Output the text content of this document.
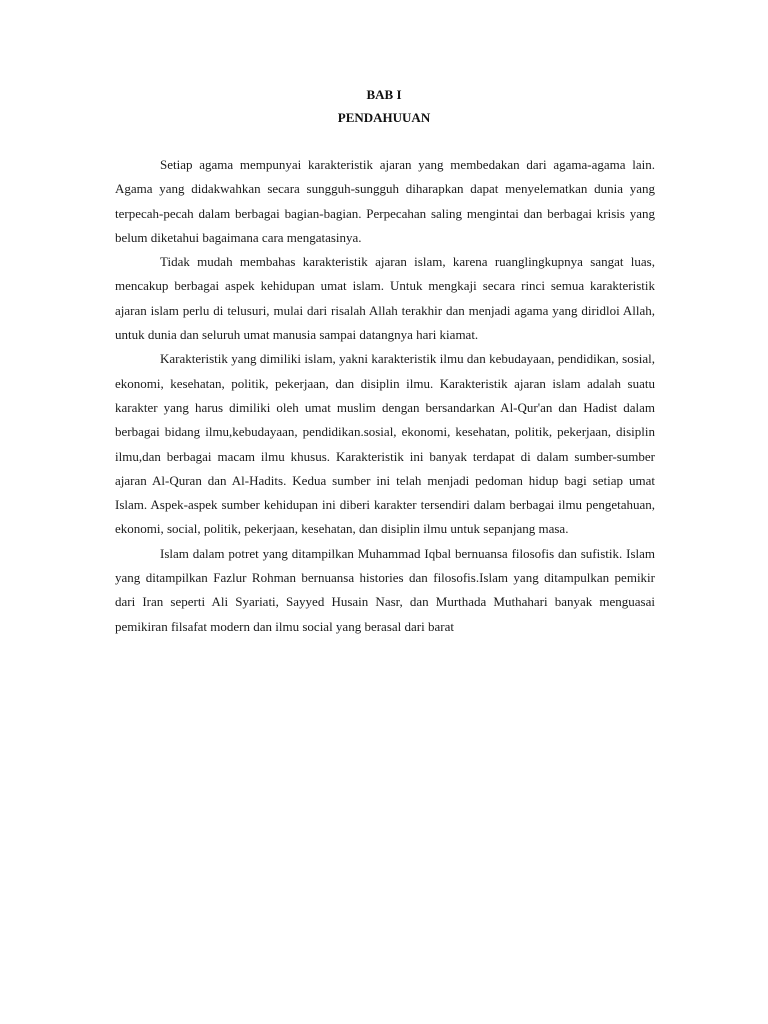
BAB I
PENDAHUUAN

Setiap agama mempunyai karakteristik ajaran yang membedakan dari agama-agama lain. Agama yang didakwahkan secara sungguh-sungguh diharapkan dapat menyelematkan dunia yang terpecah-pecah dalam berbagai bagian-bagian. Perpecahan saling mengintai dan berbagai krisis yang belum diketahui bagaimana cara mengatasinya.

Tidak mudah membahas karakteristik ajaran islam, karena ruanglingkupnya sangat luas, mencakup berbagai aspek kehidupan umat islam. Untuk mengkaji secara rinci semua karakteristik ajaran islam perlu di telusuri, mulai dari risalah Allah terakhir dan menjadi agama yang diridloi Allah, untuk dunia dan seluruh umat manusia sampai datangnya hari kiamat.

Karakteristik yang dimiliki islam, yakni karakteristik ilmu dan kebudayaan, pendidikan, sosial, ekonomi, kesehatan, politik, pekerjaan, dan disiplin ilmu. Karakteristik ajaran islam adalah suatu karakter yang harus dimiliki oleh umat muslim dengan bersandarkan Al-Qur'an dan Hadist dalam berbagai bidang ilmu,kebudayaan, pendidikan.sosial, ekonomi, kesehatan, politik, pekerjaan, disiplin ilmu,dan berbagai macam ilmu khusus. Karakteristik ini banyak terdapat di dalam sumber-sumber ajaran Al-Quran dan Al-Hadits. Kedua sumber ini telah menjadi pedoman hidup bagi setiap umat Islam. Aspek-aspek sumber kehidupan ini diberi karakter tersendiri dalam berbagai ilmu pengetahuan, ekonomi, social, politik, pekerjaan, kesehatan, dan disiplin ilmu untuk sepanjang masa.

Islam dalam potret yang ditampilkan Muhammad Iqbal bernuansa filosofis dan sufistik. Islam yang ditampilkan Fazlur Rohman bernuansa histories dan filosofis.Islam yang ditampulkan pemikir dari Iran seperti Ali Syariati, Sayyed Husain Nasr, dan Murthada Muthahari banyak menguasai pemikiran filsafat modern dan ilmu social yang berasal dari barat
